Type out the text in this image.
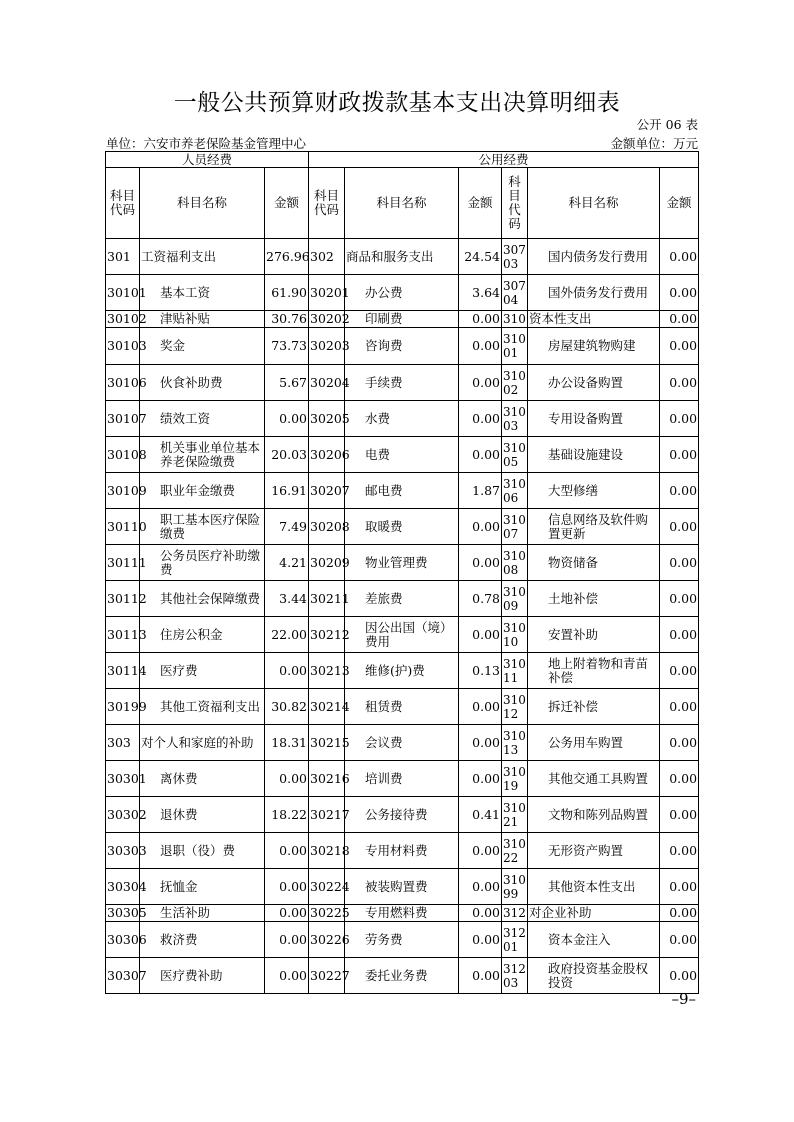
一般公共预算财政拨款基本支出决算明细表
公开 06 表
单位：六安市养老保险基金管理中心	金额单位：万元
人员经费			公用经费					
科目代码	科目名称	金额	科目代码	科目名称	金额	科目代码	科目名称	金额
301	工资福利支出	276.96	302	商品和服务支出	24.54	30703	国内债务发行费用	0.00
30101	基本工资	61.90	30201	办公费	3.64	30704	国外债务发行费用	0.00
30102	津贴补贴	30.76	30202	印刷费	0.00	310	资本性支出	0.00
30103	奖金	73.73	30203	咨询费	0.00	31001	房屋建筑物购建	0.00
30106	伙食补助费	5.67	30204	手续费	0.00	31002	办公设备购置	0.00
30107	绩效工资	0.00	30205	水费	0.00	31003	专用设备购置	0.00
30108	机关事业单位基本养老保险缴费	20.03	30206	电费	0.00	31005	基础设施建设	0.00
30109	职业年金缴费	16.91	30207	邮电费	1.87	31006	大型修缮	0.00
30110	职工基本医疗保险缴费	7.49	30208	取暖费	0.00	31007	信息网络及软件购置更新	0.00
30111	公务员医疗补助缴费	4.21	30209	物业管理费	0.00	31008	物资储备	0.00
30112	其他社会保障缴费	3.44	30211	差旅费	0.78	31009	土地补偿	0.00
30113	住房公积金	22.00	30212	因公出国（境）费用	0.00	31010	安置补助	0.00
30114	医疗费	0.00	30213	维修(护)费	0.13	31011	地上附着物和青苗补偿	0.00
30199	其他工资福利支出	30.82	30214	租赁费	0.00	31012	拆迁补偿	0.00
303	对个人和家庭的补助	18.31	30215	会议费	0.00	31013	公务用车购置	0.00
30301	离休费	0.00	30216	培训费	0.00	31019	其他交通工具购置	0.00
30302	退休费	18.22	30217	公务接待费	0.41	31021	文物和陈列品购置	0.00
30303	退职（役）费	0.00	30218	专用材料费	0.00	31022	无形资产购置	0.00
30304	抚恤金	0.00	30224	被装购置费	0.00	31099	其他资本性支出	0.00
30305	生活补助	0.00	30225	专用燃料费	0.00	312	对企业补助	0.00
30306	救济费	0.00	30226	劳务费	0.00	31201	资本金注入	0.00
30307	医疗费补助	0.00	30227	委托业务费	0.00	31203	政府投资基金股权投资	0.00
–9–
